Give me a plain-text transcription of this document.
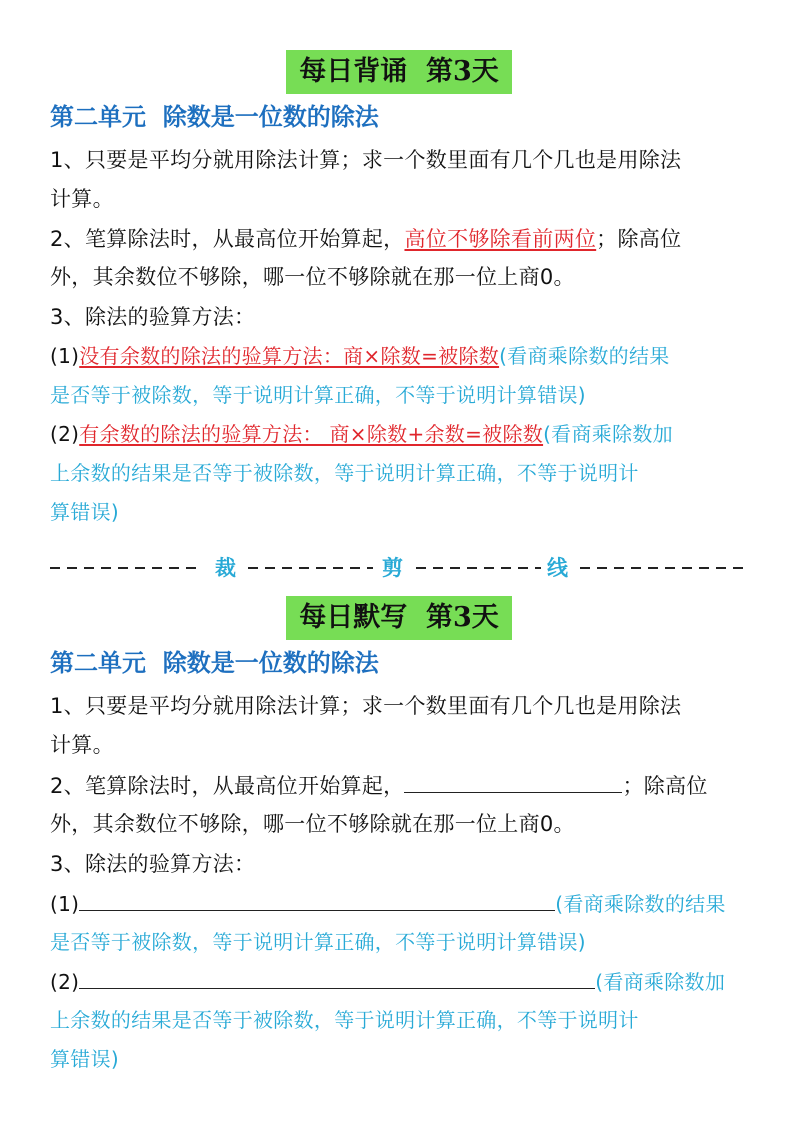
每日背诵  第3天
第二单元  除数是一位数的除法
1、只要是平均分就用除法计算；求一个数里面有几个几也是用除法
计算。
2、笔算除法时，从最高位开始算起，高位不够除看前两位；除高位
外，其余数位不够除，哪一位不够除就在那一位上商0。
3、除法的验算方法：
(1)没有余数的除法的验算方法：商×除数=被除数(看商乘除数的结果
是否等于被除数，等于说明计算正确，不等于说明计算错误)
(2)有余数的除法的验算方法： 商×除数+余数=被除数(看商乘除数加
上余数的结果是否等于被除数，等于说明计算正确，不等于说明计
算错误)
裁	剪	线
每日默写  第3天
第二单元  除数是一位数的除法
1、只要是平均分就用除法计算；求一个数里面有几个几也是用除法
计算。
2、笔算除法时，从最高位开始算起，	；除高位
外，其余数位不够除，哪一位不够除就在那一位上商0。
3、除法的验算方法：
(1)	(看商乘除数的结果
是否等于被除数，等于说明计算正确，不等于说明计算错误)
(2)	(看商乘除数加
上余数的结果是否等于被除数，等于说明计算正确，不等于说明计
算错误)
